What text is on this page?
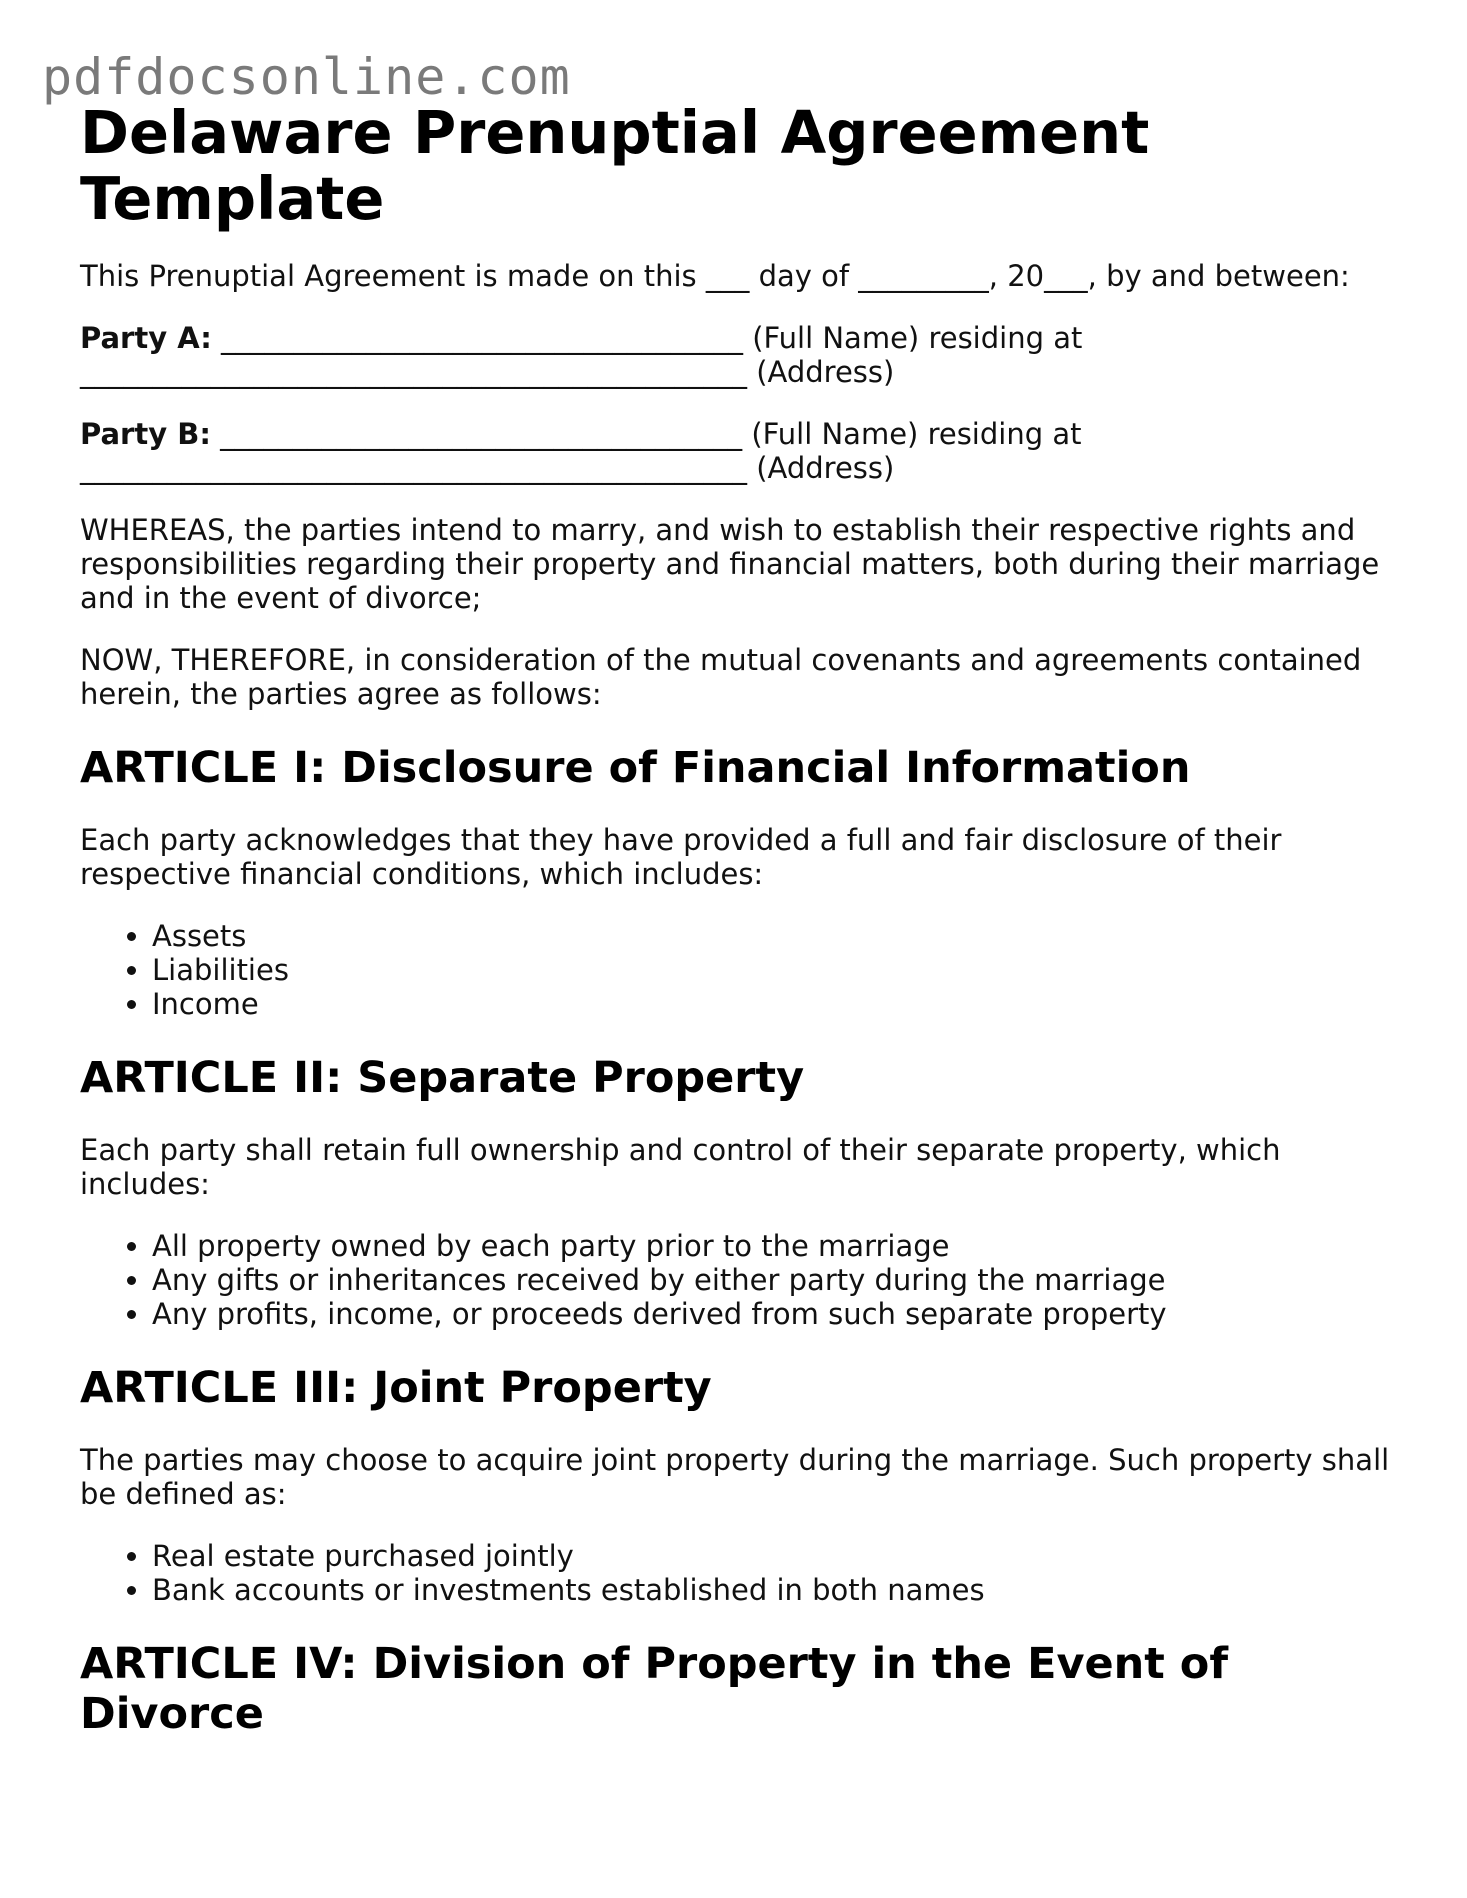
pdfdocsonline.com
Delaware Prenuptial Agreement Template

This Prenuptial Agreement is made on this ___ day of _________, 20___, by and between:

Party A: ____________________________________ (Full Name) residing at
______________________________________________ (Address)

Party B: ____________________________________ (Full Name) residing at
______________________________________________ (Address)

WHEREAS, the parties intend to marry, and wish to establish their respective rights and responsibilities regarding their property and financial matters, both during their marriage and in the event of divorce;

NOW, THEREFORE, in consideration of the mutual covenants and agreements contained herein, the parties agree as follows:

ARTICLE I: Disclosure of Financial Information

Each party acknowledges that they have provided a full and fair disclosure of their respective financial conditions, which includes:

• Assets
• Liabilities
• Income
ARTICLE II: Separate Property

Each party shall retain full ownership and control of their separate property, which includes:

• All property owned by each party prior to the marriage
• Any gifts or inheritances received by either party during the marriage
• Any profits, income, or proceeds derived from such separate property
ARTICLE III: Joint Property

The parties may choose to acquire joint property during the marriage. Such property shall be defined as:

• Real estate purchased jointly
• Bank accounts or investments established in both names
ARTICLE IV: Division of Property in the Event of Divorce
